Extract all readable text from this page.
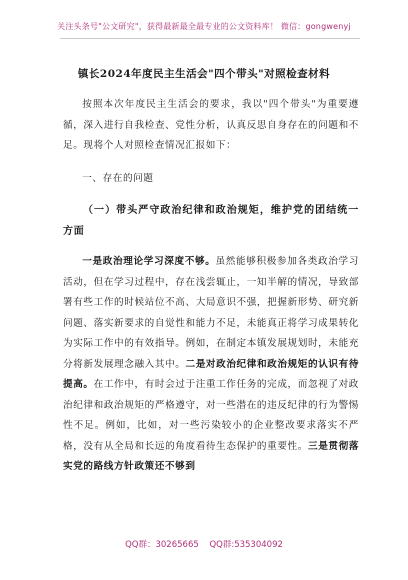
关注头条号"公文研究"，获得最新最全最专业的公文资料库！ 微信：gongwenyj
镇长2024年度民主生活会"四个带头"对照检查材料

按照本次年度民主生活会的要求，我以"四个带头"为重要遵循，深入进行自我检查、党性分析，认真反思自身存在的问题和不足。现将个人对照检查情况汇报如下：

一、存在的问题

（一）带头严守政治纪律和政治规矩，维护党的团结统一方面

一是政治理论学习深度不够。虽然能够积极参加各类政治学习活动，但在学习过程中，存在浅尝辄止，一知半解的情况，导致部署有些工作的时候站位不高、大局意识不强，把握新形势、研究新问题、落实新要求的自觉性和能力不足，未能真正将学习成果转化为实际工作中的有效指导。例如，在制定本镇发展规划时，未能充分将新发展理念融入其中。二是对政治纪律和政治规矩的认识有待提高。在工作中，有时会过于注重工作任务的完成，而忽视了对政治纪律和政治规矩的严格遵守，对一些潜在的违反纪律的行为警惕性不足。例如，比如，对一些污染较小的企业整改要求落实不严格，没有从全局和长远的角度看待生态保护的重要性。三是贯彻落实党的路线方针政策还不够到

QQ群：30265665 QQ群:535304092
